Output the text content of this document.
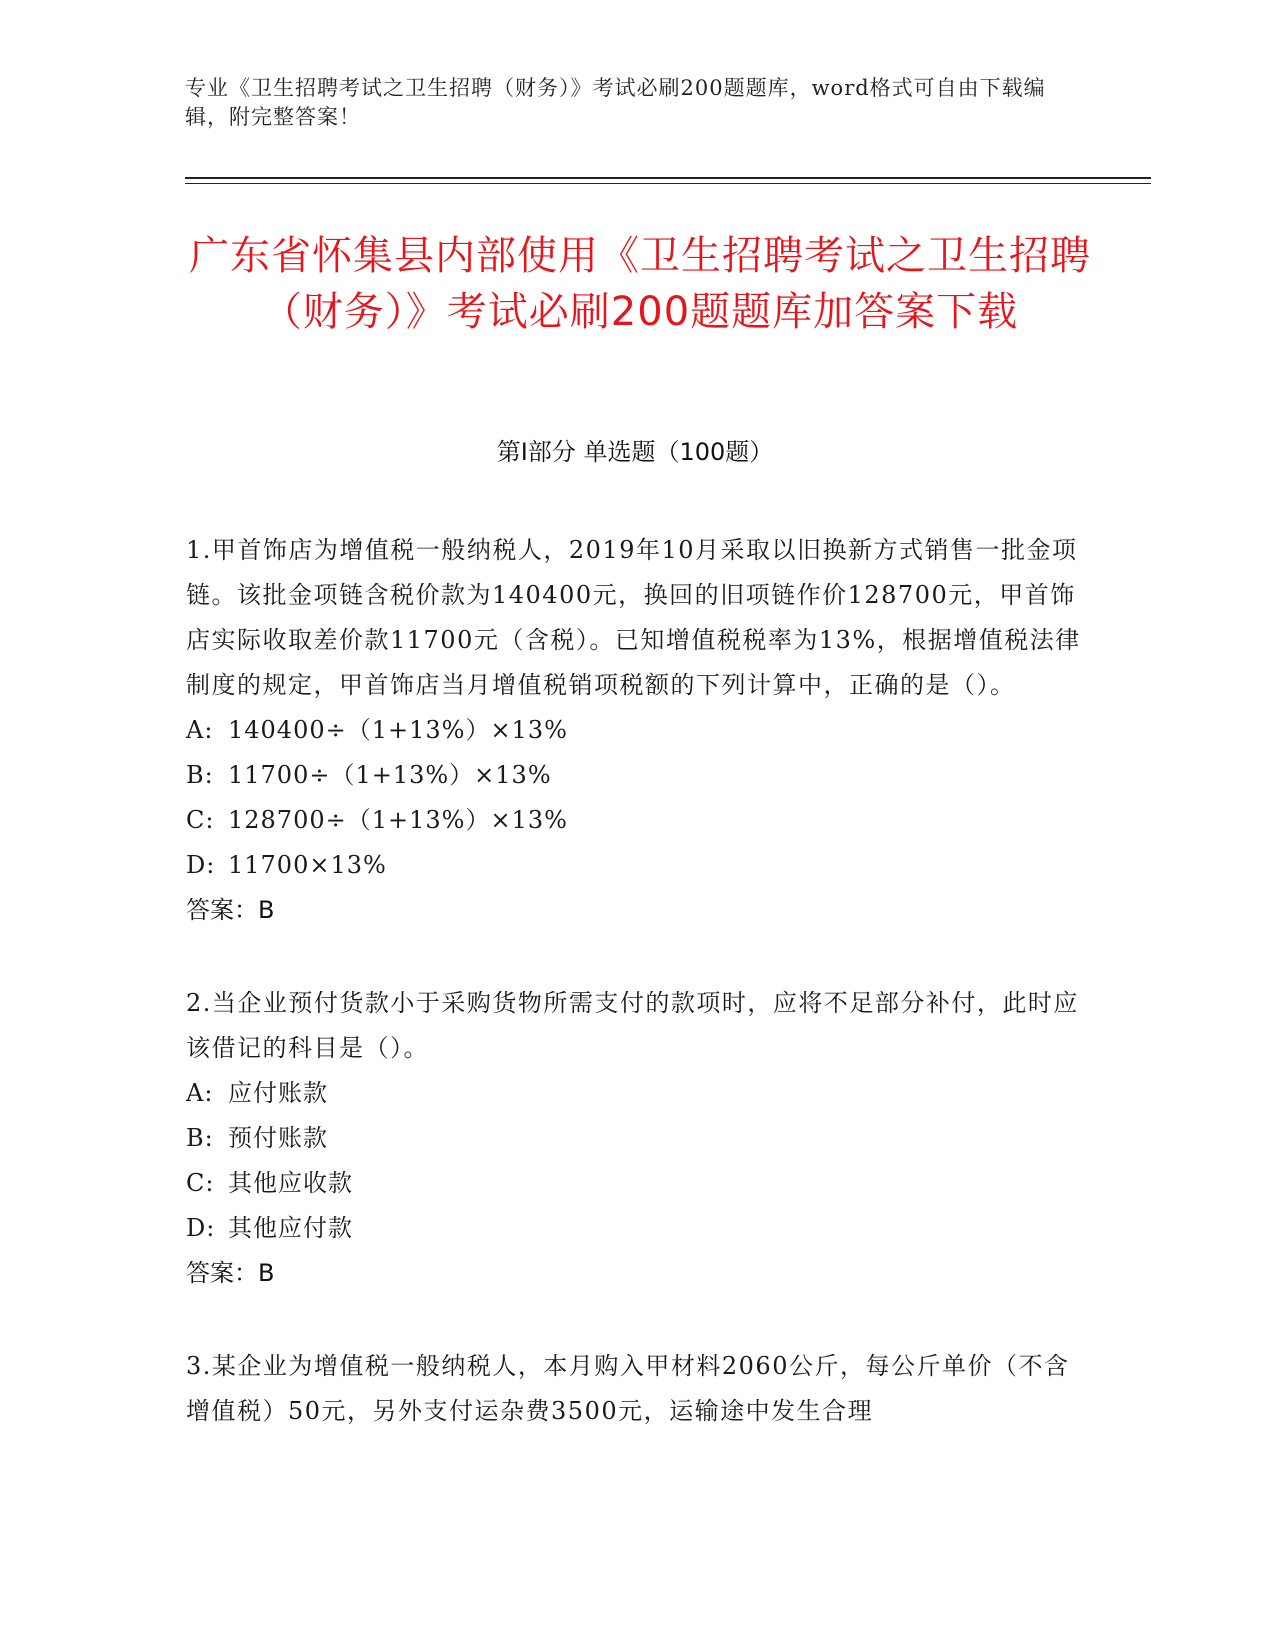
专业《卫生招聘考试之卫生招聘（财务）》考试必刷200题题库，word格式可自由下载编辑，附完整答案！
广东省怀集县内部使用《卫生招聘考试之卫生招聘（财务）》考试必刷200题题库加答案下载
第Ⅰ部分 单选题（100题）
1.甲首饰店为增值税一般纳税人，2019年10月采取以旧换新方式销售一批金项链。该批金项链含税价款为140400元，换回的旧项链作价128700元，甲首饰店实际收取差价款11700元（含税）。已知增值税税率为13%，根据增值税法律制度的规定，甲首饰店当月增值税销项税额的下列计算中，正确的是（）。
A: 140400÷（1+13%）×13%
B: 11700÷（1+13%）×13%
C: 128700÷（1+13%）×13%
D: 11700×13%
答案：B
2.当企业预付货款小于采购货物所需支付的款项时，应将不足部分补付，此时应该借记的科目是（）。
A: 应付账款
B: 预付账款
C: 其他应收款
D: 其他应付款
答案：B
3.某企业为增值税一般纳税人，本月购入甲材料2060公斤，每公斤单价（不含增值税）50元，另外支付运杂费3500元，运输途中发生合理
